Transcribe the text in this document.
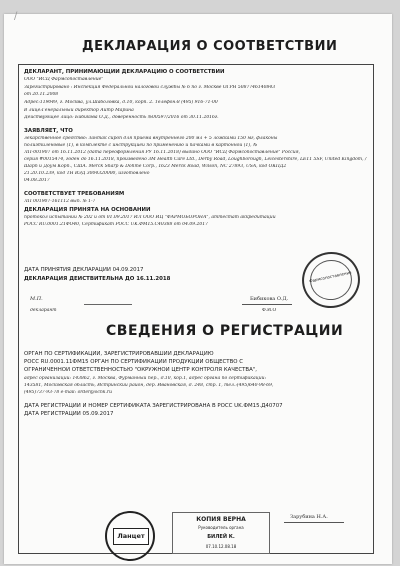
/
ДЕКЛАРАЦИЯ О СООТВЕТСТВИИ
ДЕКЛАРАНТ, ПРИНИМАЮЩИЙ ДЕКЛАРАЦИЮ О СООТВЕТСТВИИ
ООО "ИСЦ Фармсопоставление"
Зарегистрировано : Инспекция Федеральной налоговой службы № 6 по г. Москве ОГРН 5087746140843
от 20.11.2008
Адрес:119049, г. Москва, ул.Шаболовка, д.10, корп. 2. Телефон:8 (495) 916-71-00
В лице:Генеральный директор Аитр Марина
Действующее лицо: Бибикова О.Д., доверенность №00597/2016 от 30.11.2016г.
ЗАЯВЛЯЕТ, ЧТО
лекарственное средство: Зантак сироп для приема внутреннего 200 мл + 5 ложками 150 мг, флаконы
полиэтиленовые (1), в комплекте с инструкцией по применению и пачками в картонной (1), №
ЛП-001907 от 16.11.2012 (дата переоформления РУ 16.11.2018) выдано ООО "ИСЦ Фармсопоставление" Россия,
серия #0015474, годен до 16.11.2018, произведено 3M Health Care Ltd., Derby Road, Loughborough, Leicestershire, LE11 5SF, United Kingdom, /
Шарп и Доум Корп., США. Merck Sharp & Dohme Corp., 1623 Merck Road, Wilson, NC 27893, USA, код ОКПД2
21.20.10.239, код ТН ВЭД 3004320000, изготовлено
04.08.2017
СООТВЕТСТВУЕТ ТРЕБОВАНИЯМ
ЛП 001907-161112 вып. № 1-7
ДЕКЛАРАЦИЯ ПРИНЯТА НА ОСНОВАНИИ
протокол испытаний № 202 и от 01.09.2017 ИЛ ООО ИЦ "ФАРМОБОРОНА", аттестат аккредитации
РОСС RU.0001.21ФО40, Сертификат РОСС UK.ФМ15.С40388 от 04.09.2017
ДАТА ПРИНЯТИЯ ДЕКЛАРАЦИИ 04.09.2017
ДЕКЛАРАЦИЯ ДЕЙСТВИТЕЛЬНА ДО 16.11.2018
М.П.
декларант
Бибикова О.Д.
Ф.И.О
Фармсопоставление
СВЕДЕНИЯ О РЕГИСТРАЦИИ
ОРГАН ПО СЕРТИФИКАЦИИ, ЗАРЕГИСТРИРОВАВШИЙ ДЕКЛАРАЦИЮ
РОСС RU.0001.11ФМ15 ОРГАН ПО СЕРТИФИКАЦИИ ПРОДУКЦИИ ОБЩЕСТВО С
ОГРАНИЧЕННОЙ ОТВЕТСТВЕННОСТЬЮ "ОКРУЖНОЙ ЦЕНТР КОНТРОЛЯ КАЧЕСТВА",
адрес организации: 143862, г. Москва, Фурманный пер., д.10, кор.1, адрес органа по сертификации:
143581, Московская область, Истринский район, дер. Ивановская, д. 248, стр. 1, тел.:(495)640-98-69,
(495)737-93-78 е-mail: order@ocnk.ru
ДАТА РЕГИСТРАЦИИ И НОМЕР СЕРТИФИКАТА ЗАРЕГИСТРИРОВАНА В РОСС UK.ФМ15.Д40707
ДАТА РЕГИСТРАЦИИ 05.09.2017
Ланцет
Зарубина Н.А.
КОПИЯ ВЕРНА
Руководитель органа
БИЛЕЙ К.
07.10.12.08.18
